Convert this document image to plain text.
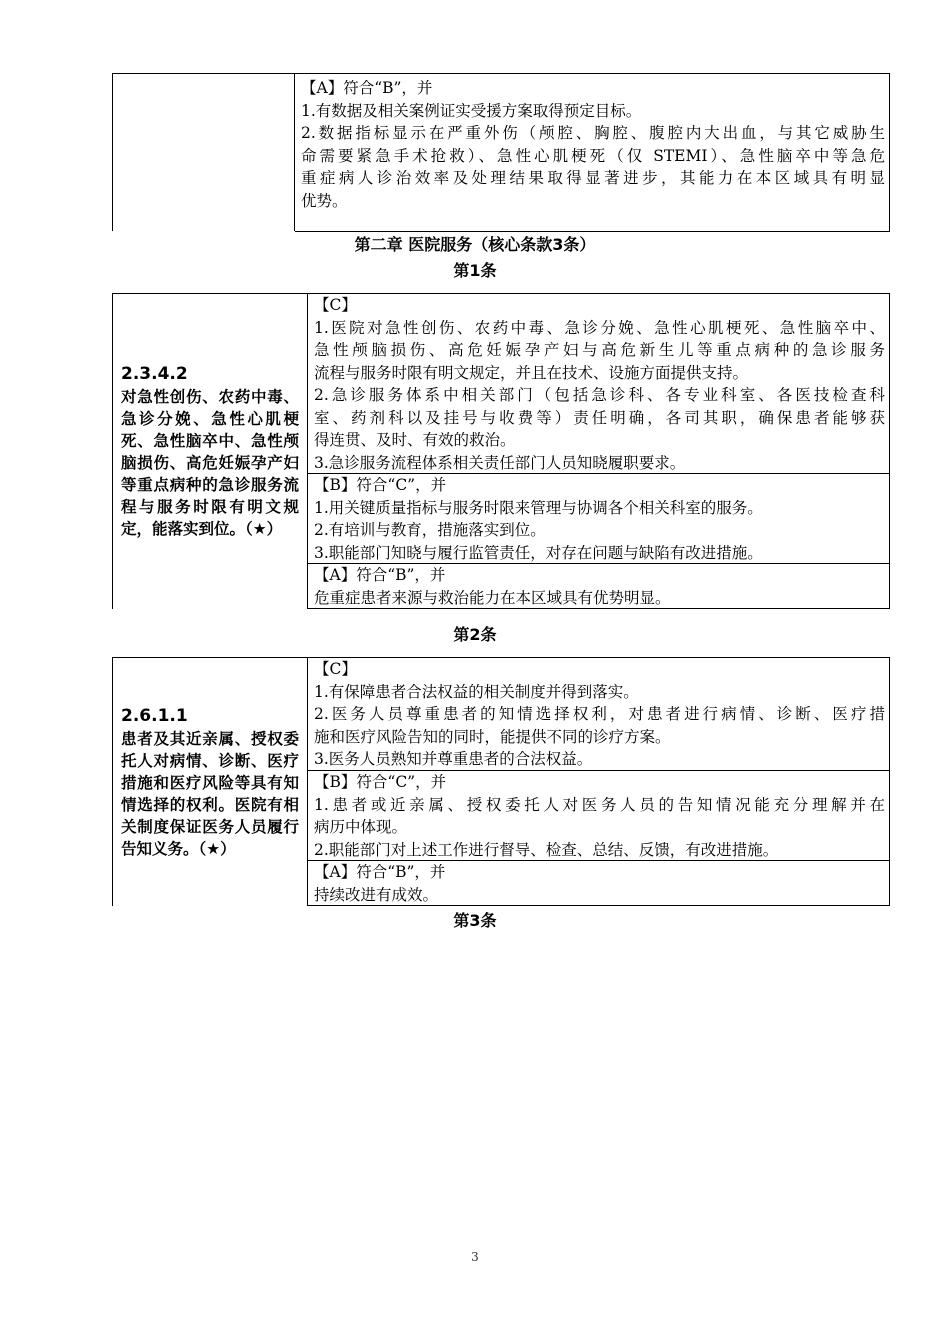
【A】符合“B”，并
1.有数据及相关案例证实受援方案取得预定目标。
2.数据指标显示在严重外伤（颅腔、胸腔、腹腔内大出血，与其它威胁生
命需要紧急手术抢救）、急性心肌梗死（仅 STEMI）、急性脑卒中等急危
重症病人诊治效率及处理结果取得显著进步，其能力在本区域具有明显
优势。
第二章 医院服务（核心条款3条）
第1条
2.3.4.2
对急性创伤、农药中毒、急诊分娩、急性心肌梗死、急性脑卒中、急性颅脑损伤、高危妊娠孕产妇等重点病种的急诊服务流程与服务时限有明文规定，能落实到位。（★）
【C】
1.医院对急性创伤、农药中毒、急诊分娩、急性心肌梗死、急性脑卒中、
急性颅脑损伤、高危妊娠孕产妇与高危新生儿等重点病种的急诊服务
流程与服务时限有明文规定，并且在技术、设施方面提供支持。
2.急诊服务体系中相关部门（包括急诊科、各专业科室、各医技检查科
室、药剂科以及挂号与收费等）责任明确，各司其职，确保患者能够获
得连贯、及时、有效的救治。
3.急诊服务流程体系相关责任部门人员知晓履职要求。
【B】符合“C”，并
1.用关键质量指标与服务时限来管理与协调各个相关科室的服务。
2.有培训与教育，措施落实到位。
3.职能部门知晓与履行监管责任，对存在问题与缺陷有改进措施。
【A】符合“B”，并
危重症患者来源与救治能力在本区域具有优势明显。
第2条
2.6.1.1
患者及其近亲属、授权委托人对病情、诊断、医疗措施和医疗风险等具有知情选择的权利。医院有相关制度保证医务人员履行告知义务。（★）
【C】
1.有保障患者合法权益的相关制度并得到落实。
2.医务人员尊重患者的知情选择权利，对患者进行病情、诊断、医疗措
施和医疗风险告知的同时，能提供不同的诊疗方案。
3.医务人员熟知并尊重患者的合法权益。
【B】符合“C”，并
1.患者或近亲属、授权委托人对医务人员的告知情况能充分理解并在
病历中体现。
2.职能部门对上述工作进行督导、检查、总结、反馈，有改进措施。
【A】符合“B”，并
持续改进有成效。
第3条
3
